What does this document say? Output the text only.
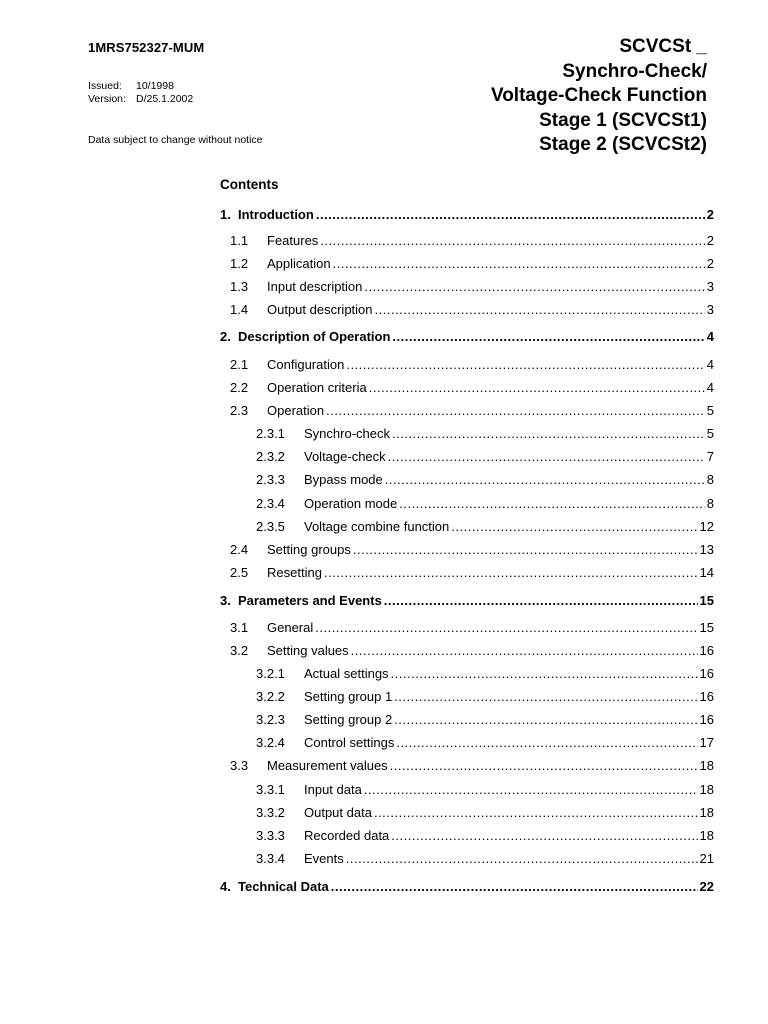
1MRS752327-MUM
Issued: 10/1998
Version: D/25.1.2002
Data subject to change without notice
SCVCSt _
Synchro-Check/
Voltage-Check Function
Stage 1 (SCVCSt1)
Stage 2 (SCVCSt2)
Contents
1. Introduction .....	2
1.1	Features .....	2
1.2	Application .....	2
1.3	Input description .....	3
1.4	Output description .....	3
2. Description of Operation .....	4
2.1	Configuration .....	4
2.2	Operation criteria .....	4
2.3	Operation .....	5
2.3.1	Synchro-check .....	5
2.3.2	Voltage-check .....	7
2.3.3	Bypass mode .....	8
2.3.4	Operation mode .....	8
2.3.5	Voltage combine function .....	12
2.4	Setting groups .....	13
2.5	Resetting .....	14
3. Parameters and Events .....	15
3.1	General .....	15
3.2	Setting values .....	16
3.2.1	Actual settings .....	16
3.2.2	Setting group 1 .....	16
3.2.3	Setting group 2 .....	16
3.2.4	Control settings .....	17
3.3	Measurement values .....	18
3.3.1	Input data .....	18
3.3.2	Output data .....	18
3.3.3	Recorded data .....	18
3.3.4	Events .....	21
4. Technical Data .....	22
